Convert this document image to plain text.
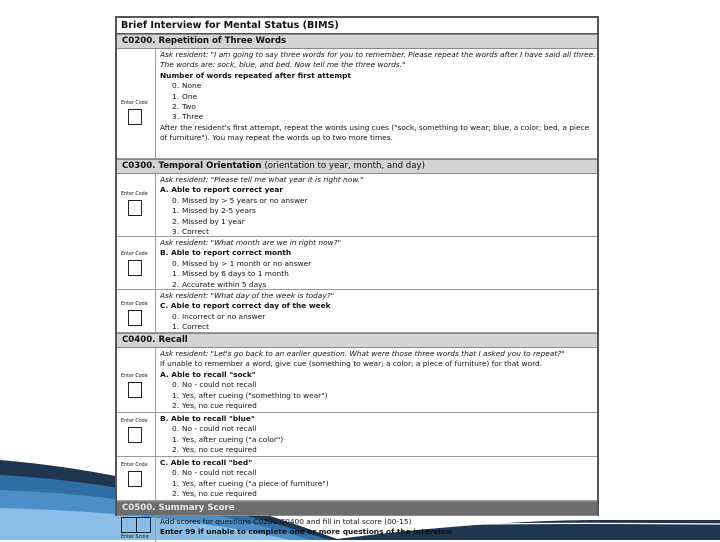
Brief Interview for Mental Status (BIMS)
C0200. Repetition of Three Words
Enter Code
Ask resident: "I am going to say three words for you to remember. Please repeat the words after I have said all three.
The words are: sock, blue, and bed. Now tell me the three words."
Number of words repeated after first attempt
0. None
1. One
2. Two
3. Three
After the resident's first attempt, repeat the words using cues ("sock, something to wear; blue, a color; bed, a piece
of furniture"). You may repeat the words up to two more times.
C0300. Temporal Orientation (orientation to year, month, and day)
Enter Code
Ask resident: "Please tell me what year it is right now."
A. Able to report correct year
0. Missed by > 5 years or no answer
1. Missed by 2-5 years
2. Missed by 1 year
3. Correct
Enter Code
Ask resident: "What month are we in right now?"
B. Able to report correct month
0. Missed by > 1 month or no answer
1. Missed by 6 days to 1 month
2. Accurate within 5 days
Enter Code
Ask resident: "What day of the week is today?"
C. Able to report correct day of the week
0. Incorrect or no answer
1. Correct
C0400. Recall
Enter Code
Ask resident: "Let's go back to an earlier question. What were those three words that I asked you to repeat?"
If unable to remember a word, give cue (something to wear; a color; a piece of furniture) for that word.
A. Able to recall "sock"
0. No - could not recall
1. Yes, after cueing ("something to wear")
2. Yes, no cue required
Enter Code B. Able to recall "blue"
0. No - could not recall
1. Yes, after cueing ("a color")
2. Yes, no cue required
Enter Code C. Able to recall "bed"
0. No - could not recall
1. Yes, after cueing ("a piece of furniture")
2. Yes, no cue required
C0500. Summary Score
Enter Score
Add scores for questions C0200-C0400 and fill in total score (00-15)
Enter 99 if unable to complete one or more questions of the interview
